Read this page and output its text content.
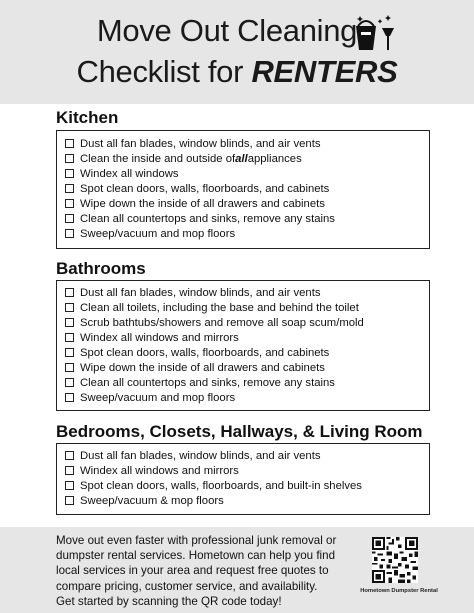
Move Out Cleaning
Checklist for RENTERS
Kitchen
Dust all fan blades, window blinds, and air vents
Clean the inside and outside of all appliances
Windex all windows
Spot clean doors, walls, floorboards, and cabinets
Wipe down the inside of all drawers and cabinets
Clean all countertops and sinks, remove any stains
Sweep/vacuum and mop floors
Bathrooms
Dust all fan blades, window blinds, and air vents
Clean all toilets, including the base and behind the toilet
Scrub bathtubs/showers and remove all soap scum/mold
Windex all windows and mirrors
Spot clean doors, walls, floorboards, and cabinets
Wipe down the inside of all drawers and cabinets
Clean all countertops and sinks, remove any stains
Sweep/vacuum and mop floors
Bedrooms, Closets, Hallways, & Living Room
Dust all fan blades, window blinds, and air vents
Windex all windows and mirrors
Spot clean doors, walls, floorboards, and built-in shelves
Sweep/vacuum & mop floors
Move out even faster with professional junk removal or
dumpster rental services. Hometown can help you find
local services in your area and request free quotes to
compare pricing, customer service, and availability.
Get started by scanning the QR code today!
Hometown Dumpster Rental
